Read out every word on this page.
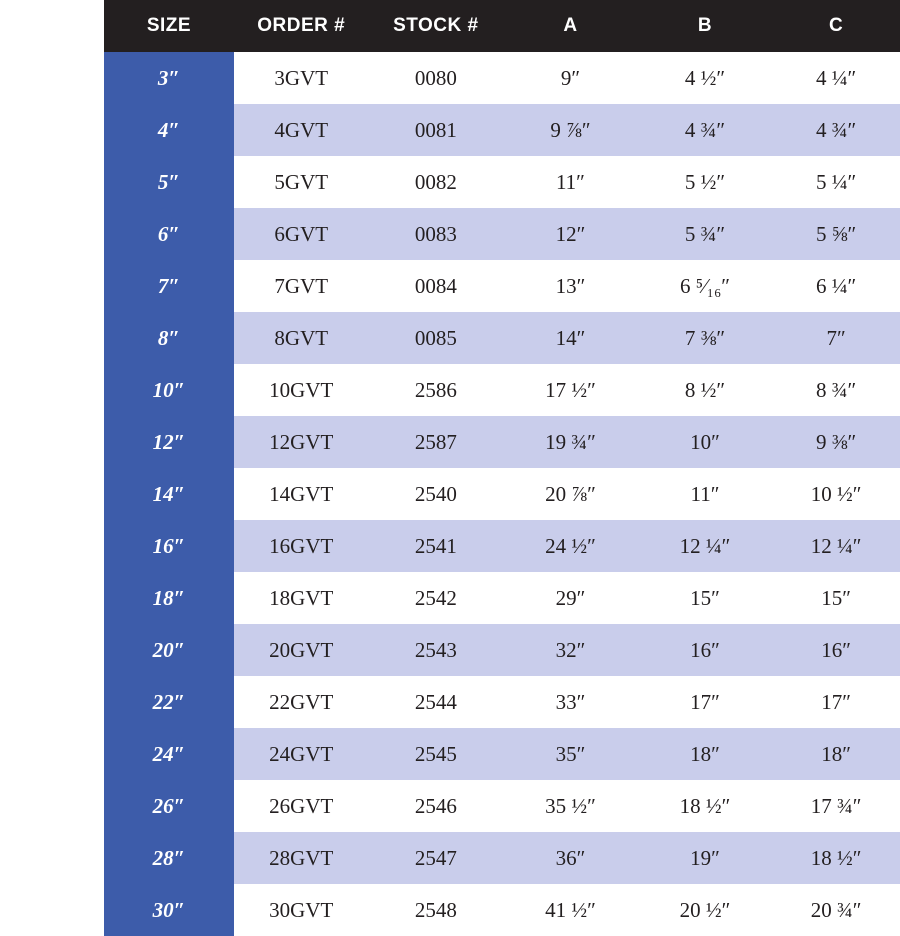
SIZE	ORDER #	STOCK #	A	B	C
3″	3GVT	0080	9″	4 ½″	4 ¼″
4″	4GVT	0081	9 ⅞″	4 ¾″	4 ¾″
5″	5GVT	0082	11″	5 ½″	5 ¼″
6″	6GVT	0083	12″	5 ¾″	5 ⅝″
7″	7GVT	0084	13″	6 ⁵⁄₁₆″	6 ¼″
8″	8GVT	0085	14″	7 ⅜″	7″
10″	10GVT	2586	17 ½″	8 ½″	8 ¾″
12″	12GVT	2587	19 ¾″	10″	9 ⅜″
14″	14GVT	2540	20 ⅞″	11″	10 ½″
16″	16GVT	2541	24 ½″	12 ¼″	12 ¼″
18″	18GVT	2542	29″	15″	15″
20″	20GVT	2543	32″	16″	16″
22″	22GVT	2544	33″	17″	17″
24″	24GVT	2545	35″	18″	18″
26″	26GVT	2546	35 ½″	18 ½″	17 ¾″
28″	28GVT	2547	36″	19″	18 ½″
30″	30GVT	2548	41 ½″	20 ½″	20 ¾″
